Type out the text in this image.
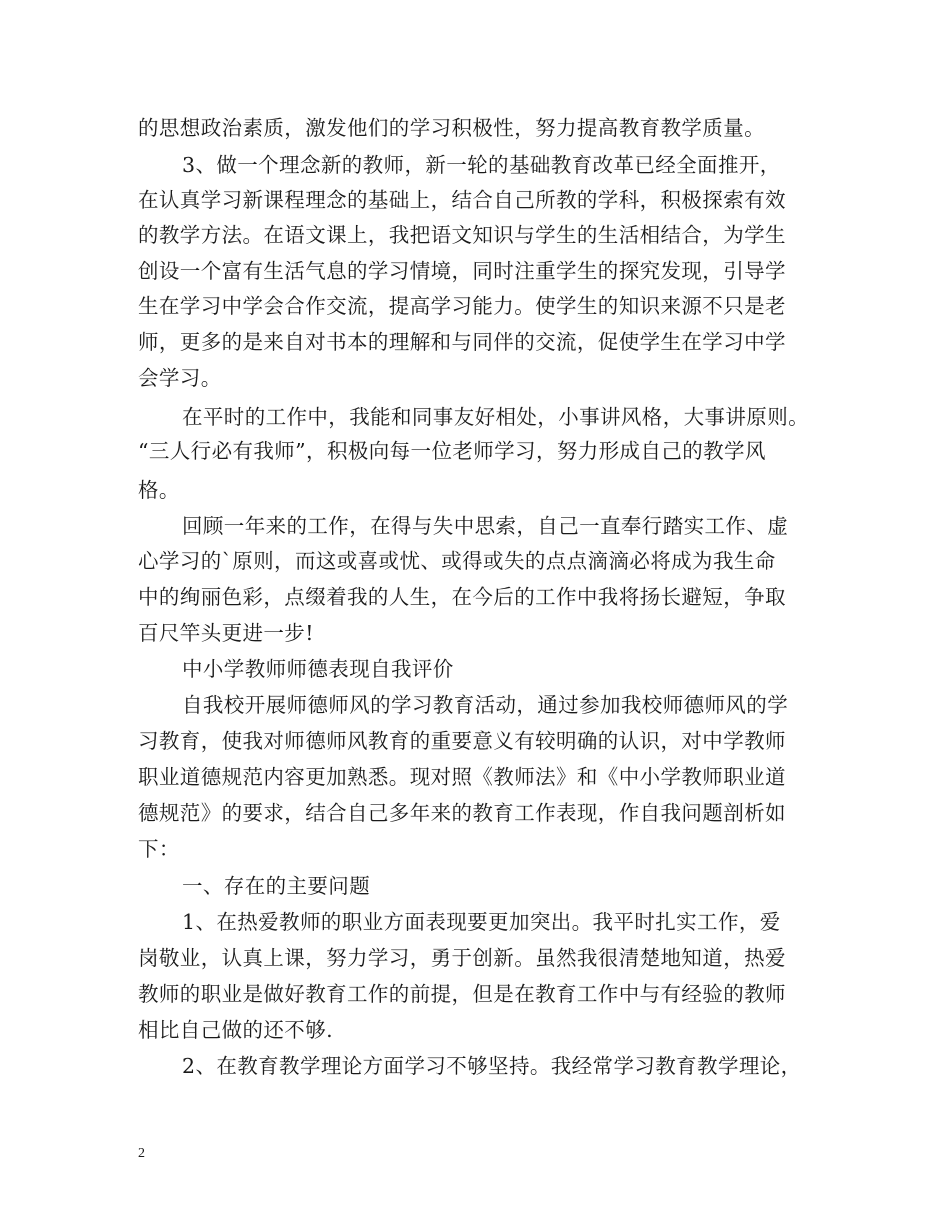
的思想政治素质，激发他们的学习积极性，努力提高教育教学质量。
3、做一个理念新的教师，新一轮的基础教育改革已经全面推开，
在认真学习新课程理念的基础上，结合自己所教的学科，积极探索有效
的教学方法。在语文课上，我把语文知识与学生的生活相结合，为学生
创设一个富有生活气息的学习情境，同时注重学生的探究发现，引导学
生在学习中学会合作交流，提高学习能力。使学生的知识来源不只是老
师，更多的是来自对书本的理解和与同伴的交流，促使学生在学习中学
会学习。
在平时的工作中，我能和同事友好相处，小事讲风格，大事讲原则。
“三人行必有我师”，积极向每一位老师学习，努力形成自己的教学风
格。
回顾一年来的工作，在得与失中思索，自己一直奉行踏实工作、虚
心学习的`原则，而这或喜或忧、或得或失的点点滴滴必将成为我生命
中的绚丽色彩，点缀着我的人生，在今后的工作中我将扬长避短，争取
百尺竿头更进一步!
中小学教师师德表现自我评价
自我校开展师德师风的学习教育活动，通过参加我校师德师风的学
习教育，使我对师德师风教育的重要意义有较明确的认识，对中学教师
职业道德规范内容更加熟悉。现对照《教师法》和《中小学教师职业道
德规范》的要求，结合自己多年来的教育工作表现，作自我问题剖析如
下：
一、存在的主要问题
1、在热爱教师的职业方面表现要更加突出。我平时扎实工作，爱
岗敬业，认真上课，努力学习，勇于创新。虽然我很清楚地知道，热爱
教师的职业是做好教育工作的前提，但是在教育工作中与有经验的教师
相比自己做的还不够.
2、在教育教学理论方面学习不够坚持。我经常学习教育教学理论，
2
